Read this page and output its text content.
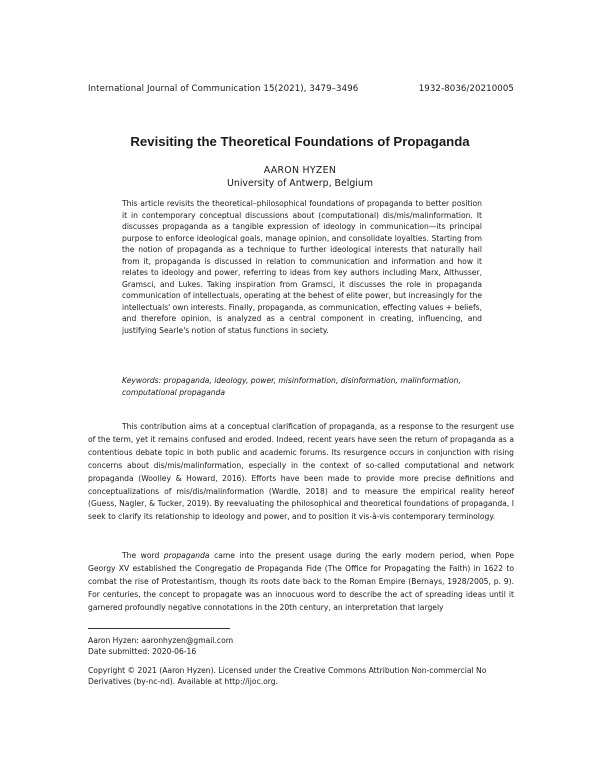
International Journal of Communication 15(2021), 3479–3496	1932-8036/20210005
Revisiting the Theoretical Foundations of Propaganda
AARON HYZEN
University of Antwerp, Belgium
This article revisits the theoretical–philosophical foundations of propaganda to better position it in contemporary conceptual discussions about (computational) dis/mis/malinformation. It discusses propaganda as a tangible expression of ideology in communication—its principal purpose to enforce ideological goals, manage opinion, and consolidate loyalties. Starting from the notion of propaganda as a technique to further ideological interests that naturally hail from it, propaganda is discussed in relation to communication and information and how it relates to ideology and power, referring to ideas from key authors including Marx, Althusser, Gramsci, and Lukes. Taking inspiration from Gramsci, it discusses the role in propaganda communication of intellectuals, operating at the behest of elite power, but increasingly for the intellectuals' own interests. Finally, propaganda, as communication, effecting values + beliefs, and therefore opinion, is analyzed as a central component in creating, influencing, and justifying Searle's notion of status functions in society.
Keywords: propaganda, ideology, power, misinformation, disinformation, malinformation, computational propaganda
This contribution aims at a conceptual clarification of propaganda, as a response to the resurgent use of the term, yet it remains confused and eroded. Indeed, recent years have seen the return of propaganda as a contentious debate topic in both public and academic forums. Its resurgence occurs in conjunction with rising concerns about dis/mis/malinformation, especially in the context of so-called computational and network propaganda (Woolley & Howard, 2016). Efforts have been made to provide more precise definitions and conceptualizations of mis/dis/malinformation (Wardle, 2018) and to measure the empirical reality hereof (Guess, Nagler, & Tucker, 2019). By reevaluating the philosophical and theoretical foundations of propaganda, I seek to clarify its relationship to ideology and power, and to position it vis-à-vis contemporary terminology.
The word propaganda came into the present usage during the early modern period, when Pope Georgy XV established the Congregatio de Propaganda Fide (The Office for Propagating the Faith) in 1622 to combat the rise of Protestantism, though its roots date back to the Roman Empire (Bernays, 1928/2005, p. 9). For centuries, the concept to propagate was an innocuous word to describe the act of spreading ideas until it garnered profoundly negative connotations in the 20th century, an interpretation that largely
Aaron Hyzen: aaronhyzen@gmail.com
Date submitted: 2020-06-16
Copyright © 2021 (Aaron Hyzen). Licensed under the Creative Commons Attribution Non-commercial No Derivatives (by-nc-nd). Available at http://ijoc.org.
